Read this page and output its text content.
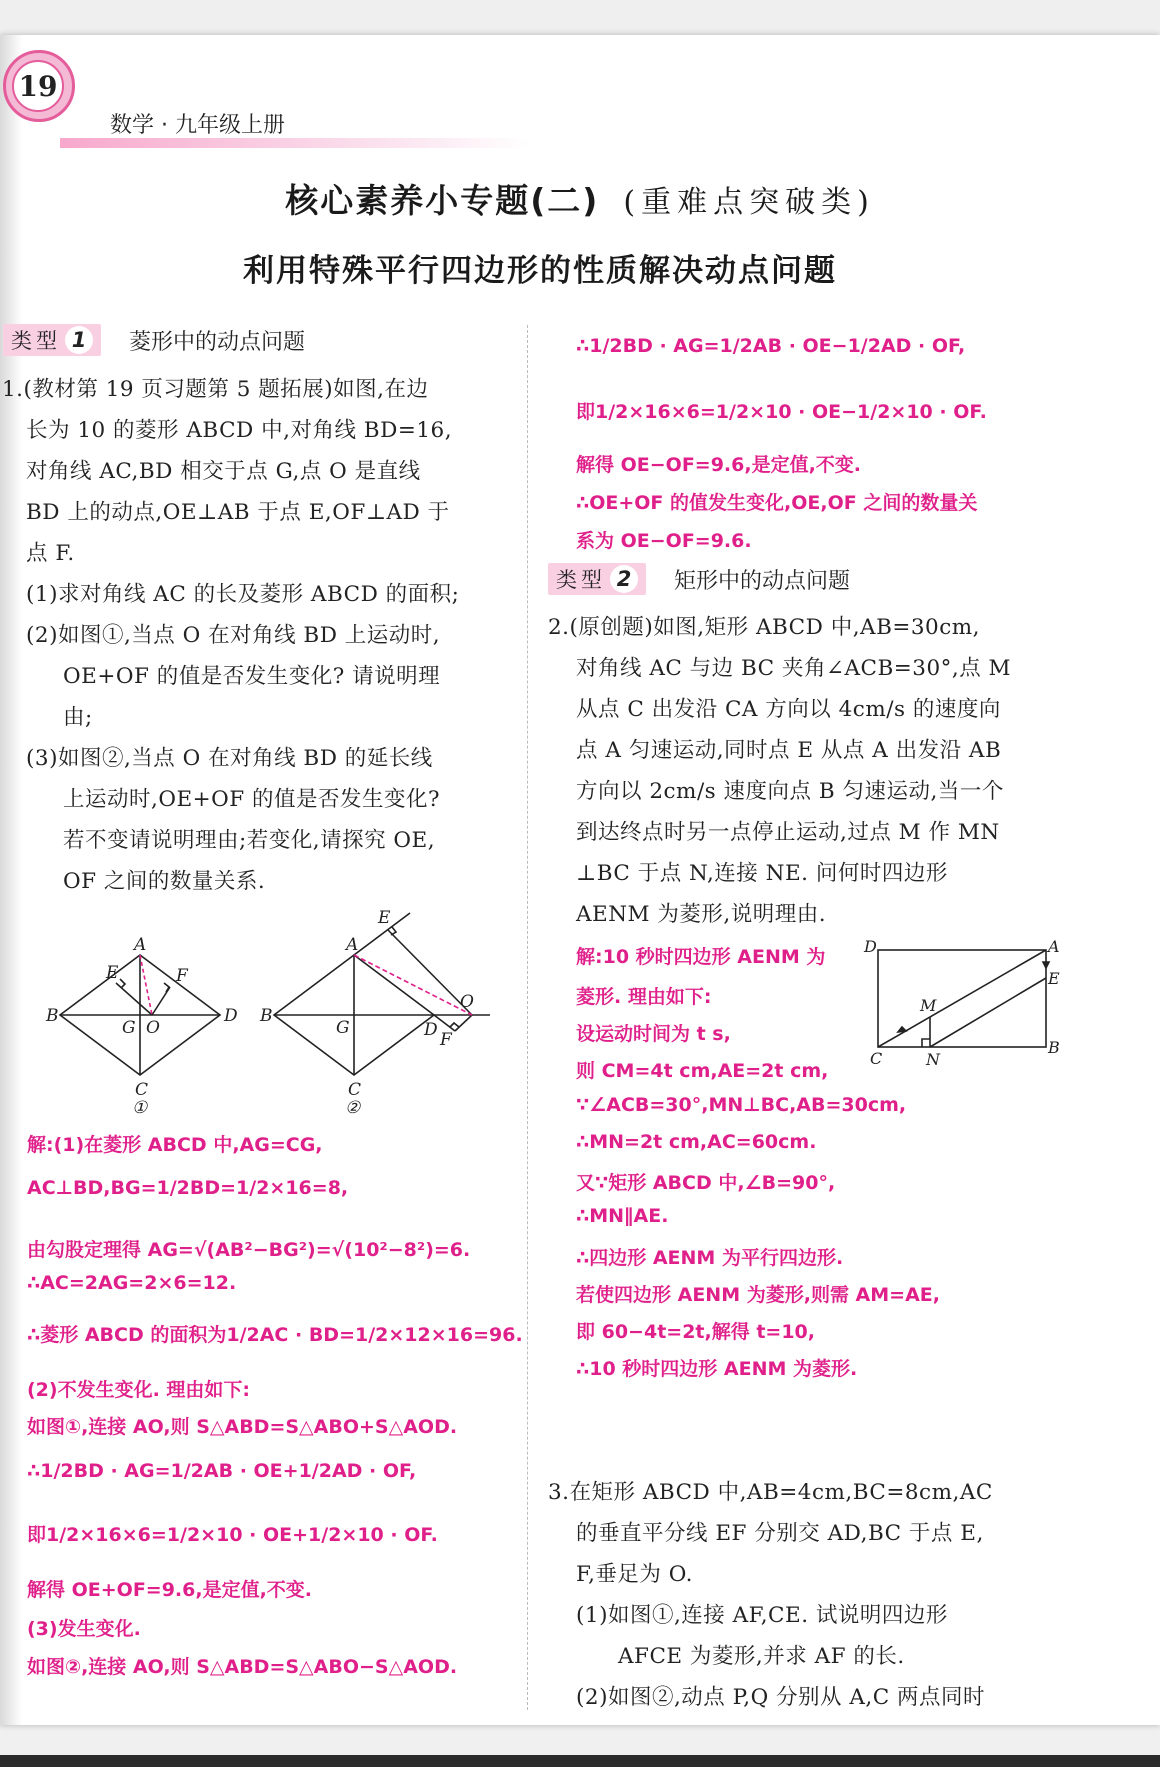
19
数学 · 九年级上册
核心素养小专题(二) (重难点突破类)
利用特殊平行四边形的性质解决动点问题
类型 1	菱形中的动点问题
1.(教材第 19 页习题第 5 题拓展)如图,在边
长为 10 的菱形 ABCD 中,对角线 BD=16,
对角线 AC,BD 相交于点 G,点 O 是直线
BD 上的动点,OE⊥AB 于点 E,OF⊥AD 于
点 F.
(1)求对角线 AC 的长及菱形 ABCD 的面积;
(2)如图①,当点 O 在对角线 BD 上运动时,
OE+OF 的值是否发生变化? 请说明理
由;
(3)如图②,当点 O 在对角线 BD 的延长线
上运动时,OE+OF 的值是否发生变化?
若不变请说明理由;若变化,请探究 OE,
OF 之间的数量关系.
A
B
C
D
E	F
G O
①
A
B
C
D
E
F
G
O
②
解:(1)在菱形 ABCD 中,AG=CG,
AC⊥BD,BG=1/2BD=1/2×16=8,
由勾股定理得 AG=√(AB²−BG²)=√(10²−8²)=6.
∴AC=2AG=2×6=12.
∴菱形 ABCD 的面积为1/2AC · BD=1/2×12×16=96.
(2)不发生变化. 理由如下:
如图①,连接 AO,则 S△ABD=S△ABO+S△AOD.
∴1/2BD · AG=1/2AB · OE+1/2AD · OF,
即1/2×16×6=1/2×10 · OE+1/2×10 · OF.
解得 OE+OF=9.6,是定值,不变.
(3)发生变化.
如图②,连接 AO,则 S△ABD=S△ABO−S△AOD.
∴1/2BD · AG=1/2AB · OE−1/2AD · OF,
即1/2×16×6=1/2×10 · OE−1/2×10 · OF.
解得 OE−OF=9.6,是定值,不变.
∴OE+OF 的值发生变化,OE,OF 之间的数量关
系为 OE−OF=9.6.
类型 2	矩形中的动点问题
2.(原创题)如图,矩形 ABCD 中,AB=30cm,
对角线 AC 与边 BC 夹角∠ACB=30°,点 M
从点 C 出发沿 CA 方向以 4cm/s 的速度向
点 A 匀速运动,同时点 E 从点 A 出发沿 AB
方向以 2cm/s 速度向点 B 匀速运动,当一个
到达终点时另一点停止运动,过点 M 作 MN
⊥BC 于点 N,连接 NE. 问何时四边形
AENM 为菱形,说明理由.
D	A
E
M
C	N
B
解:10 秒时四边形 AENM 为
菱形. 理由如下:
设运动时间为 t s,
则 CM=4t cm,AE=2t cm,
∵∠ACB=30°,MN⊥BC,AB=30cm,
∴MN=2t cm,AC=60cm.
又∵矩形 ABCD 中,∠B=90°,
∴MN∥AE.
∴四边形 AENM 为平行四边形.
若使四边形 AENM 为菱形,则需 AM=AE,
即 60−4t=2t,解得 t=10,
∴10 秒时四边形 AENM 为菱形.
3.在矩形 ABCD 中,AB=4cm,BC=8cm,AC
的垂直平分线 EF 分别交 AD,BC 于点 E,
F,垂足为 O.
(1)如图①,连接 AF,CE. 试说明四边形
AFCE 为菱形,并求 AF 的长.
(2)如图②,动点 P,Q 分别从 A,C 两点同时
